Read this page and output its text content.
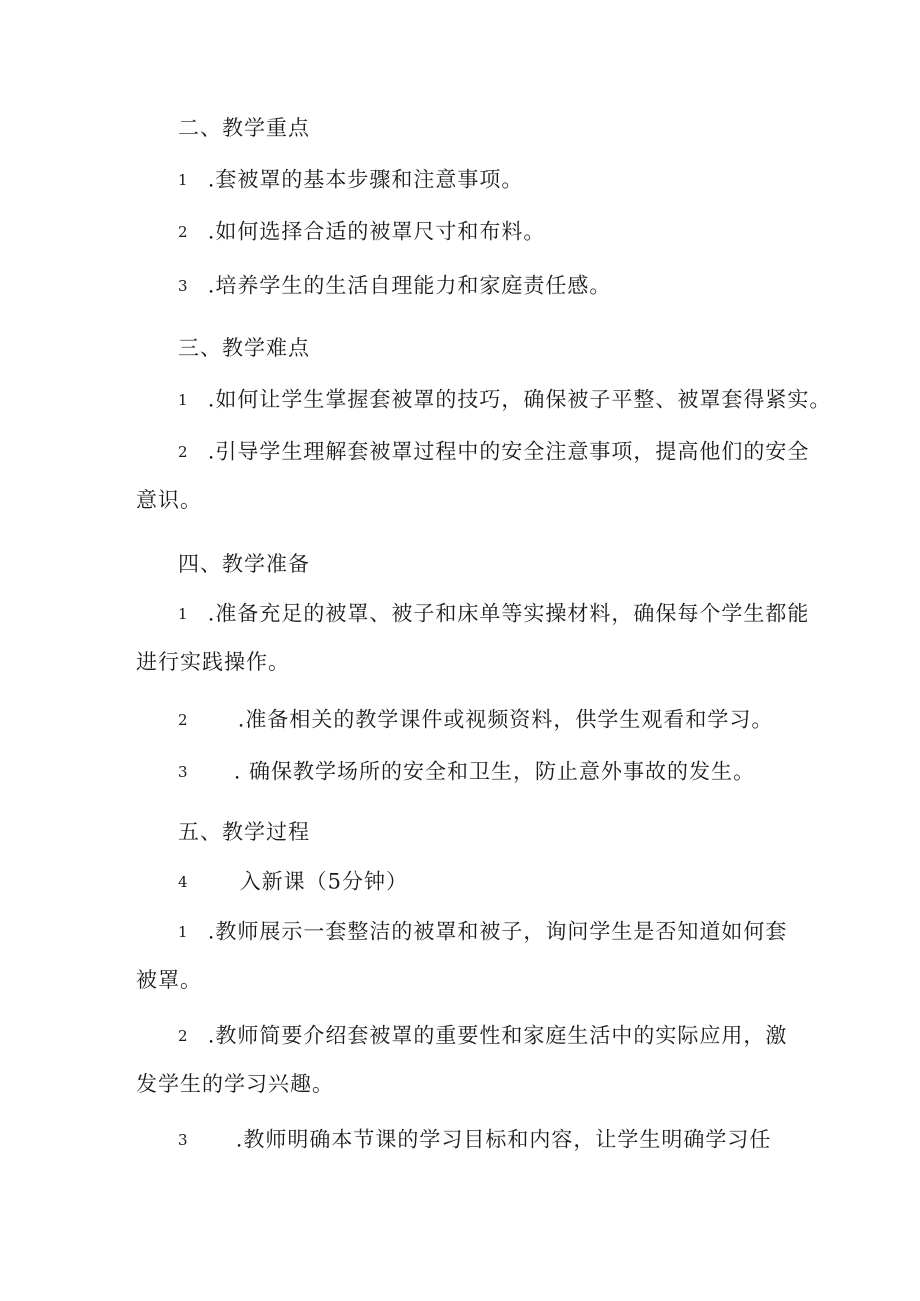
二、教学重点
1 .套被罩的基本步骤和注意事项。
2 .如何选择合适的被罩尺寸和布料。
3 .培养学生的生活自理能力和家庭责任感。
三、教学难点
1 .如何让学生掌握套被罩的技巧，确保被子平整、被罩套得紧实。
2 .引导学生理解套被罩过程中的安全注意事项，提高他们的安全
意识。
四、教学准备
1 .准备充足的被罩、被子和床单等实操材料，确保每个学生都能
进行实践操作。
2 .准备相关的教学课件或视频资料，供学生观看和学习。
3 . 确保教学场所的安全和卫生，防止意外事故的发生。
五、教学过程
4 入新课（5分钟）
1 .教师展示一套整洁的被罩和被子，询问学生是否知道如何套
被罩。
2 .教师简要介绍套被罩的重要性和家庭生活中的实际应用，激
发学生的学习兴趣。
3 .教师明确本节课的学习目标和内容，让学生明确学习任
